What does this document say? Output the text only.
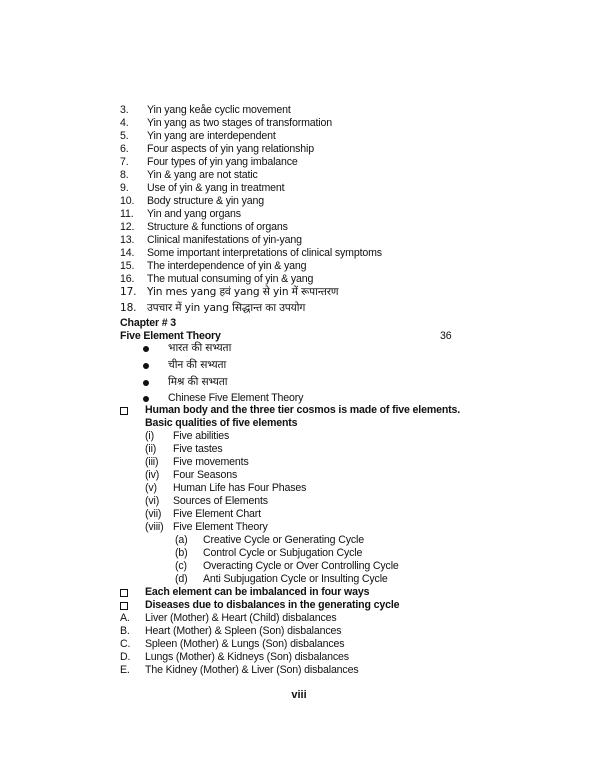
3.	Yin yang keåe cyclic movement
4.	Yin yang as two stages of transformation
5.	Yin yang are interdependent
6.	Four aspects of yin yang relationship
7.	Four types of yin yang imbalance
8.	Yin & yang are not static
9.	Use of yin & yang in treatment
10.	Body structure & yin yang
11.	Yin and yang organs
12.	Structure & functions of organs
13.	Clinical manifestations of yin-yang
14.	Some important interpretations of clinical symptoms
15.	The interdependence of yin & yang
16.	The mutual consuming of yin & yang
17. Yin mes yang हवं yang से yin में रूपान्तरण
18. उपचार में yin yang सिद्धान्त का उपयोग
Chapter # 3
Five Element Theory	36
भारत की सभ्यता
चीन की सभ्यता
मिश्र की सभ्यता
Chinese Five Element Theory
Human body and the three tier cosmos is made of five elements.
Basic qualities of five elements
(i)	Five abilities
(ii)	Five tastes
(iii)	Five movements
(iv)	Four Seasons
(v)	Human Life has Four Phases
(vi)	Sources of Elements
(vii)	Five Element Chart
(viii) Five Element Theory
(a)	Creative Cycle or Generating Cycle
(b)	Control Cycle or Subjugation Cycle
(c)	Overacting Cycle or Over Controlling Cycle
(d)	Anti Subjugation Cycle or Insulting Cycle
Each element can be imbalanced in four ways
Diseases due to disbalances in the generating cycle
A.	Liver (Mother) & Heart (Child) disbalances
B.	Heart (Mother) & Spleen (Son) disbalances
C.	Spleen (Mother) & Lungs (Son) disbalances
D.	Lungs (Mother) & Kidneys (Son) disbalances
E.	The Kidney (Mother) & Liver (Son) disbalances
viii
